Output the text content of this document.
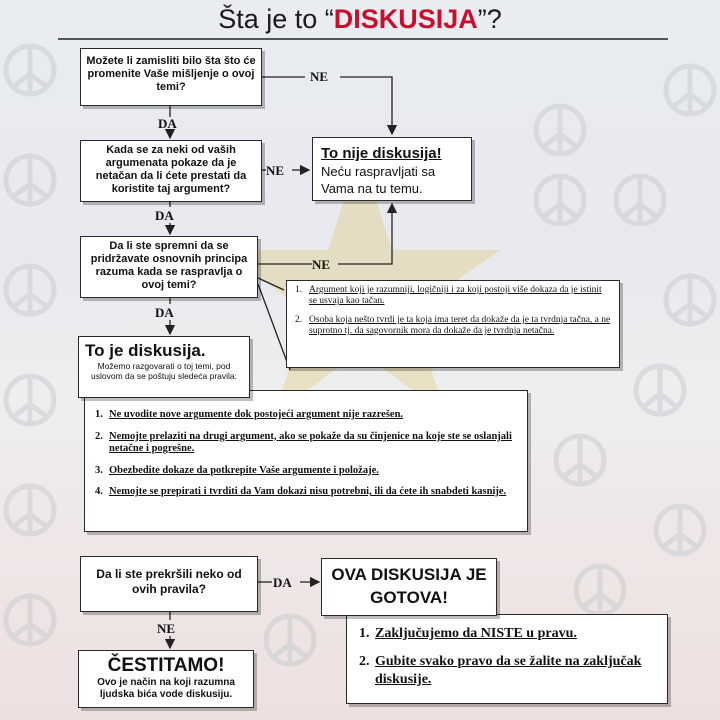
Šta je to “DISKUSIJA”?
NE
DA
NE
DA
NE
DA
DA
NE
Možete li zamisliti bilo šta što će promenite Vaše mišljenje o ovoj temi?
Kada se za neki od vaših argumenata pokaze da je netačan da li ćete prestati da koristite taj argument?
Da li ste spremni da se pridržavate osnovnih principa razuma kada se raspravlja o ovoj temi?
Da li ste prekršili neko od ovih pravila?
To nije diskusija!
Neću raspravljati sa Vama na tu temu.
1. Argument koji je razumniji, logičniji i za koji postoji više dokaza da je istinit se usvaja kao tačan.
2. Osoba koja nešto tvrdi je ta koja ima teret da dokaže da je ta tvrdnja tačna, a ne suprotno tj. da sagovornik mora da dokaže da je tvrdnja netačna.
1. Ne uvodite nove argumente dok postojeći argument nije razrešen.
2. Nemojte prelaziti na drugi argument, ako se pokaže da su činjenice na koje ste se oslanjali netačne i pogrešne.
3. Obezbedite dokaze da potkrepite Vaše argumente i položaje.
4. Nemojte se prepirati i tvrditi da Vam dokazi nisu potrebni, ili da ćete ih snabdeti kasnije.
To je diskusija.
Možemo razgovarati o toj temi, pod uslovom da se poštuju sledeća pravila:
1. Zaključujemo da NISTE u pravu.
2. Gubite svako pravo da se žalite na zaključak diskusije.
OVA DISKUSIJA JE GOTOVA!
ČESTITAMO!
Ovo je način na koji razumna ljudska bića vode diskusiju.
